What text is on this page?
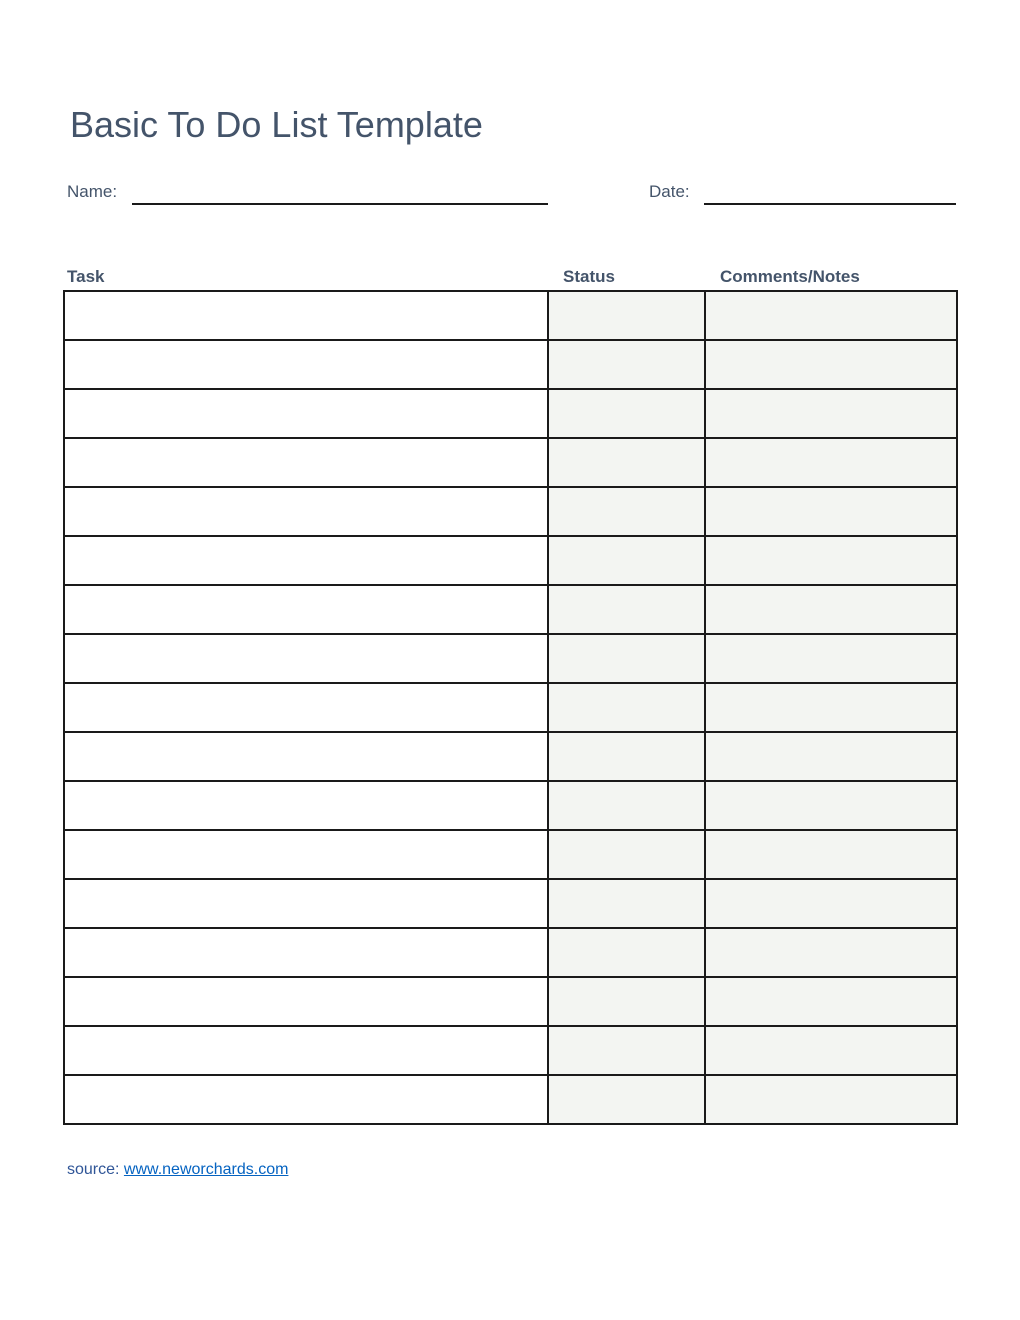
Basic To Do List Template
Name:	Date:
Task	Status	Comments/Notes

source: www.neworchards.com
